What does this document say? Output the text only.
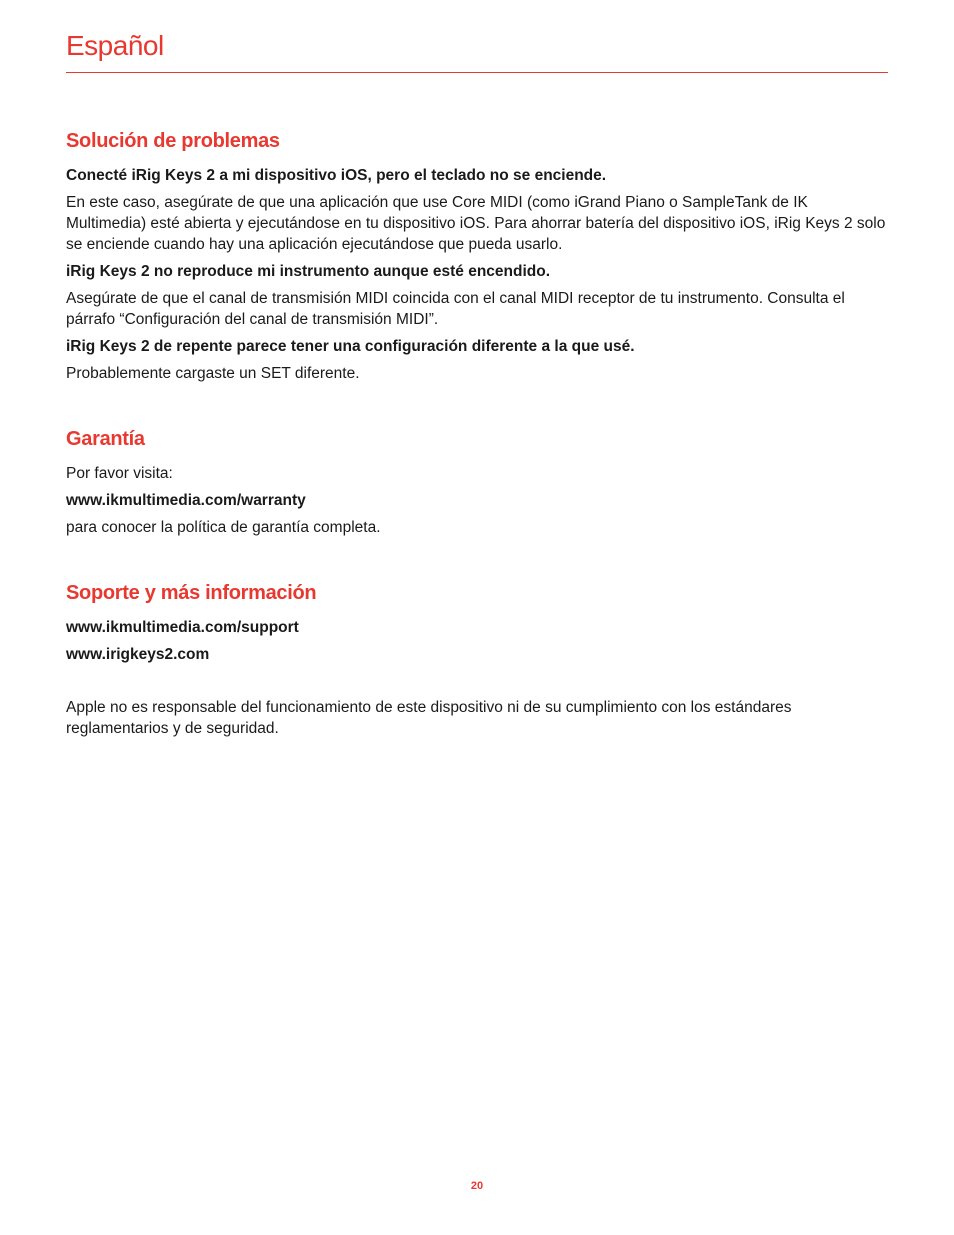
Español
Solución de problemas

Conecté iRig Keys 2 a mi dispositivo iOS, pero el teclado no se enciende.

En este caso, asegúrate de que una aplicación que use Core MIDI (como iGrand Piano o SampleTank de IK Multimedia) esté abierta y ejecutándose en tu dispositivo iOS. Para ahorrar batería del dispositivo iOS, iRig Keys 2 solo se enciende cuando hay una aplicación ejecutándose que pueda usarlo.

iRig Keys 2 no reproduce mi instrumento aunque esté encendido.

Asegúrate de que el canal de transmisión MIDI coincida con el canal MIDI receptor de tu instrumento. Consulta el párrafo “Configuración del canal de transmisión MIDI”.

iRig Keys 2 de repente parece tener una configuración diferente a la que usé.

Probablemente cargaste un SET diferente.

Garantía

Por favor visita:

www.ikmultimedia.com/warranty

para conocer la política de garantía completa.

Soporte y más información

www.ikmultimedia.com/support

www.irigkeys2.com

Apple no es responsable del funcionamiento de este dispositivo ni de su cumplimiento con los estándares reglamentarios y de seguridad.

20
